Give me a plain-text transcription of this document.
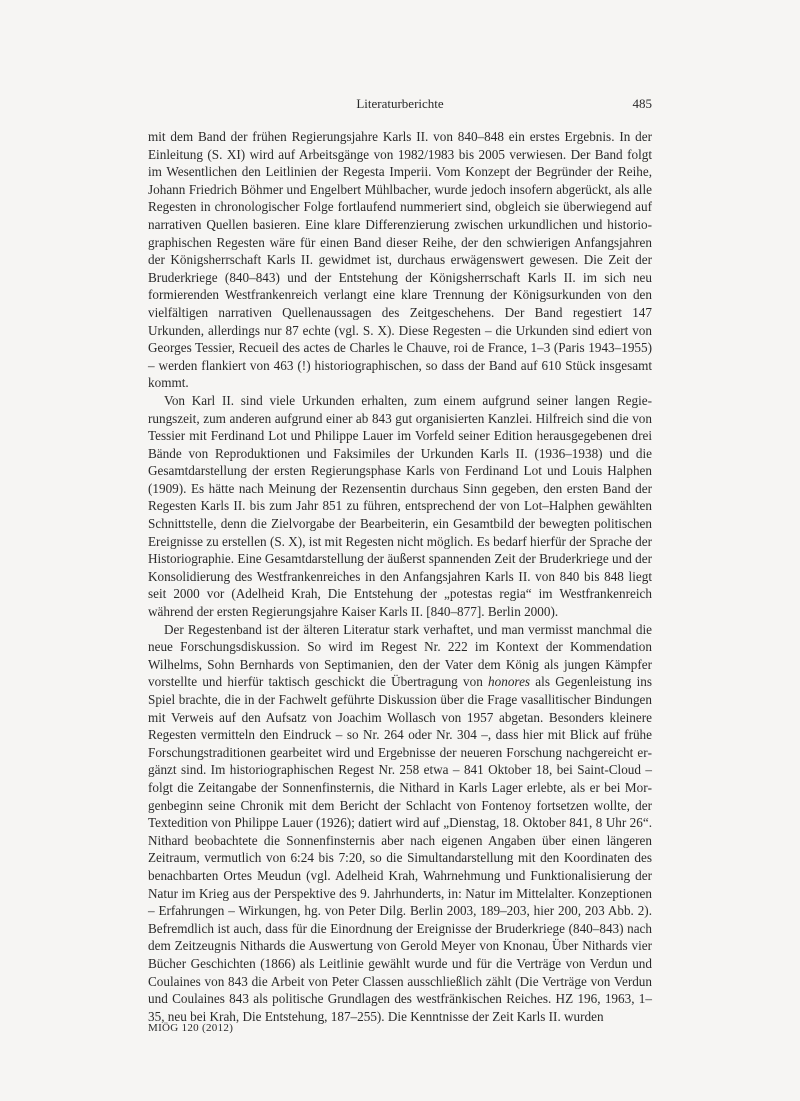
Literaturberichte	485

mit dem Band der frühen Regierungsjahre Karls II. von 840–848 ein erstes Ergebnis. In der Einleitung (S. XI) wird auf Arbeitsgänge von 1982/1983 bis 2005 verwiesen. Der Band folgt im Wesentlichen den Leitlinien der Regesta Imperii. Vom Konzept der Begründer der Reihe, Johann Friedrich Böhmer und Engelbert Mühlbacher, wurde jedoch insofern abgerückt, als alle Regesten in chronologischer Folge fortlaufend nummeriert sind, obgleich sie überwiegend auf narrativen Quellen basieren. Eine klare Differenzierung zwischen urkundlichen und historiographischen Regesten wäre für einen Band dieser Reihe, der den schwierigen Anfangsjahren der Königsherrschaft Karls II. gewidmet ist, durchaus erwägenswert gewesen. Die Zeit der Bruderkriege (840–843) und der Entstehung der Königsherrschaft Karls II. im sich neu formierenden Westfrankenreich verlangt eine klare Trennung der Königsurkunden von den vielfältigen narrativen Quellenaussagen des Zeitgeschehens. Der Band regestiert 147 Urkunden, allerdings nur 87 echte (vgl. S. X). Diese Regesten – die Urkunden sind ediert von Georges Tessier, Recueil des actes de Charles le Chauve, roi de France, 1–3 (Paris 1943–1955) – werden flankiert von 463 (!) historiographischen, so dass der Band auf 610 Stück insgesamt kommt.

Von Karl II. sind viele Urkunden erhalten, zum einem aufgrund seiner langen Regierungszeit, zum anderen aufgrund einer ab 843 gut organisierten Kanzlei. Hilfreich sind die von Tessier mit Ferdinand Lot und Philippe Lauer im Vorfeld seiner Edition herausgegebenen drei Bände von Reproduktionen und Faksimiles der Urkunden Karls II. (1936–1938) und die Gesamtdarstellung der ersten Regierungsphase Karls von Ferdinand Lot und Louis Halphen (1909). Es hätte nach Meinung der Rezensentin durchaus Sinn gegeben, den ersten Band der Regesten Karls II. bis zum Jahr 851 zu führen, entsprechend der von Lot–Halphen gewählten Schnittstelle, denn die Zielvorgabe der Bearbeiterin, ein Gesamtbild der bewegten politischen Ereignisse zu erstellen (S. X), ist mit Regesten nicht möglich. Es bedarf hierfür der Sprache der Historiographie. Eine Gesamtdarstellung der äußerst spannenden Zeit der Bruderkriege und der Konsolidierung des Westfrankenreiches in den Anfangsjahren Karls II. von 840 bis 848 liegt seit 2000 vor (Adelheid Krah, Die Entstehung der „potestas regia“ im Westfrankenreich während der ersten Regierungsjahre Kaiser Karls II. [840–877]. Berlin 2000).

Der Regestenband ist der älteren Literatur stark verhaftet, und man vermisst manchmal die neue Forschungsdiskussion. So wird im Regest Nr. 222 im Kontext der Kommendation Wilhelms, Sohn Bernhards von Septimanien, den der Vater dem König als jungen Kämpfer vorstellte und hierfür taktisch geschickt die Übertragung von honores als Gegenleistung ins Spiel brachte, die in der Fachwelt geführte Diskussion über die Frage vasallitischer Bindungen mit Verweis auf den Aufsatz von Joachim Wollasch von 1957 abgetan. Besonders kleinere Regesten vermitteln den Eindruck – so Nr. 264 oder Nr. 304 –, dass hier mit Blick auf frühe Forschungstraditionen gearbeitet wird und Ergebnisse der neueren Forschung nachgereicht ergänzt sind. Im historiographischen Regest Nr. 258 etwa – 841 Oktober 18, bei Saint-Cloud – folgt die Zeitangabe der Sonnenfinsternis, die Nithard in Karls Lager erlebte, als er bei Morgenbeginn seine Chronik mit dem Bericht der Schlacht von Fontenoy fortsetzen wollte, der Textedition von Philippe Lauer (1926); datiert wird auf „Dienstag, 18. Oktober 841, 8 Uhr 26“. Nithard beobachtete die Sonnenfinsternis aber nach eigenen Angaben über einen längeren Zeitraum, vermutlich von 6:24 bis 7:20, so die Simultandarstellung mit den Koordinaten des benachbarten Ortes Meudun (vgl. Adelheid Krah, Wahrnehmung und Funktionalisierung der Natur im Krieg aus der Perspektive des 9. Jahrhunderts, in: Natur im Mittelalter. Konzeptionen – Erfahrungen – Wirkungen, hg. von Peter Dilg. Berlin 2003, 189–203, hier 200, 203 Abb. 2). Befremdlich ist auch, dass für die Einordnung der Ereignisse der Bruderkriege (840–843) nach dem Zeitzeugnis Nithards die Auswertung von Gerold Meyer von Knonau, Über Nithards vier Bücher Geschichten (1866) als Leitlinie gewählt wurde und für die Verträge von Verdun und Coulaines von 843 die Arbeit von Peter Classen ausschließlich zählt (Die Verträge von Verdun und Coulaines 843 als politische Grundlagen des westfränkischen Reiches. HZ 196, 1963, 1–35, neu bei Krah, Die Entstehung, 187–255). Die Kenntnisse der Zeit Karls II. wurden

MIÖG 120 (2012)
